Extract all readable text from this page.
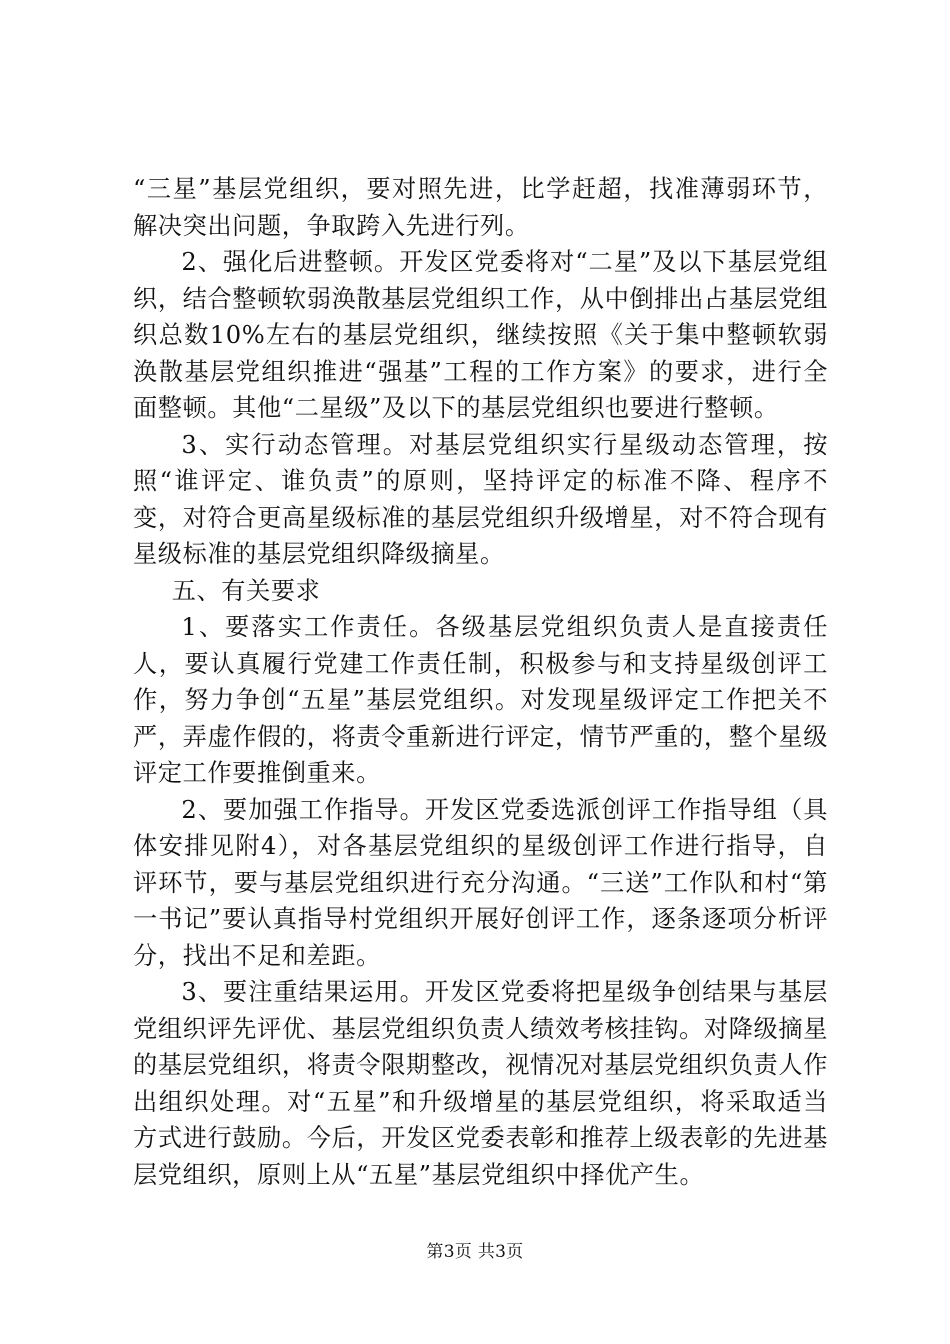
“三星”基层党组织，要对照先进，比学赶超，找准薄弱环节，解决突出问题，争取跨入先进行列。

2、强化后进整顿。开发区党委将对“二星”及以下基层党组织，结合整顿软弱涣散基层党组织工作，从中倒排出占基层党组织总数10%左右的基层党组织，继续按照《关于集中整顿软弱涣散基层党组织推进“强基”工程的工作方案》的要求，进行全面整顿。其他“二星级”及以下的基层党组织也要进行整顿。

3、实行动态管理。对基层党组织实行星级动态管理，按照“谁评定、谁负责”的原则，坚持评定的标准不降、程序不变，对符合更高星级标准的基层党组织升级增星，对不符合现有星级标准的基层党组织降级摘星。

五、有关要求

1、要落实工作责任。各级基层党组织负责人是直接责任人，要认真履行党建工作责任制，积极参与和支持星级创评工作，努力争创“五星”基层党组织。对发现星级评定工作把关不严，弄虚作假的，将责令重新进行评定，情节严重的，整个星级评定工作要推倒重来。

2、要加强工作指导。开发区党委选派创评工作指导组（具体安排见附4），对各基层党组织的星级创评工作进行指导，自评环节，要与基层党组织进行充分沟通。“三送”工作队和村“第一书记”要认真指导村党组织开展好创评工作，逐条逐项分析评分，找出不足和差距。

3、要注重结果运用。开发区党委将把星级争创结果与基层党组织评先评优、基层党组织负责人绩效考核挂钩。对降级摘星的基层党组织，将责令限期整改，视情况对基层党组织负责人作出组织处理。对“五星”和升级增星的基层党组织，将采取适当方式进行鼓励。今后，开发区党委表彰和推荐上级表彰的先进基层党组织，原则上从“五星”基层党组织中择优产生。

第3页 共3页
